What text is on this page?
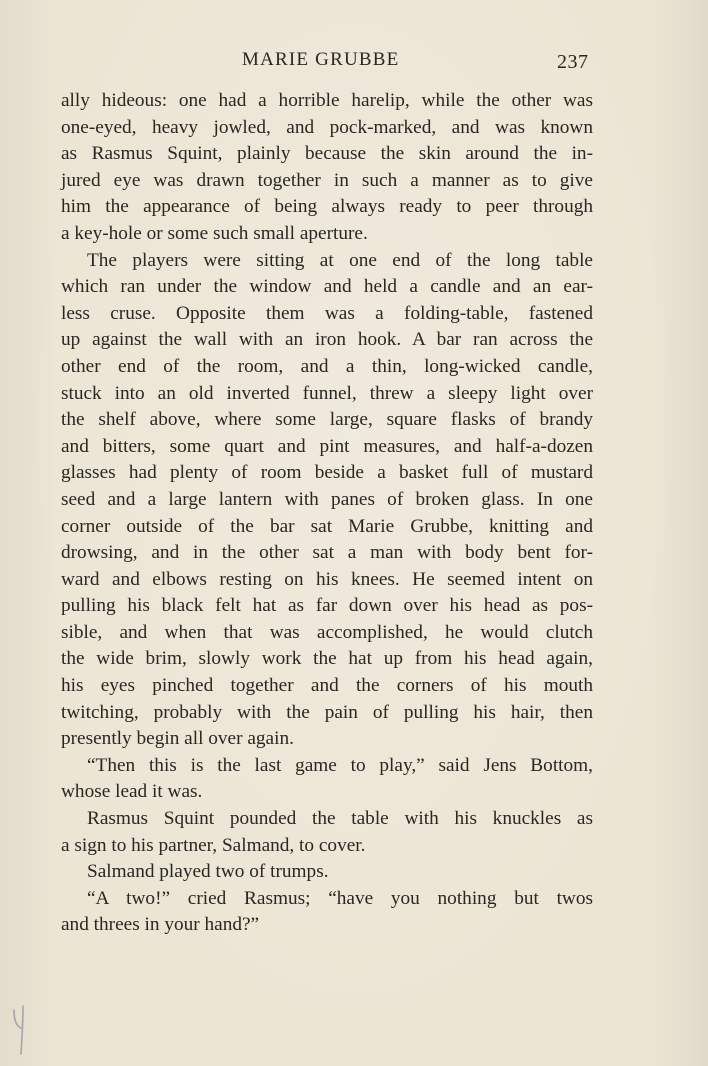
MARIE GRUBBE	237
ally hideous: one had a horrible harelip, while the other was
one-eyed, heavy jowled, and pock-marked, and was known
as Rasmus Squint, plainly because the skin around the in-
jured eye was drawn together in such a manner as to give
him the appearance of being always ready to peer through
a key-hole or some such small aperture.
The players were sitting at one end of the long table
which ran under the window and held a candle and an ear-
less cruse. Opposite them was a folding-table, fastened
up against the wall with an iron hook. A bar ran across the
other end of the room, and a thin, long-wicked candle,
stuck into an old inverted funnel, threw a sleepy light over
the shelf above, where some large, square flasks of brandy
and bitters, some quart and pint measures, and half-a-dozen
glasses had plenty of room beside a basket full of mustard
seed and a large lantern with panes of broken glass. In one
corner outside of the bar sat Marie Grubbe, knitting and
drowsing, and in the other sat a man with body bent for-
ward and elbows resting on his knees. He seemed intent on
pulling his black felt hat as far down over his head as pos-
sible, and when that was accomplished, he would clutch
the wide brim, slowly work the hat up from his head again,
his eyes pinched together and the corners of his mouth
twitching, probably with the pain of pulling his hair, then
presently begin all over again.
“Then this is the last game to play,” said Jens Bottom,
whose lead it was.
Rasmus Squint pounded the table with his knuckles as
a sign to his partner, Salmand, to cover.
Salmand played two of trumps.
“A two!” cried Rasmus; “have you nothing but twos
and threes in your hand?”
